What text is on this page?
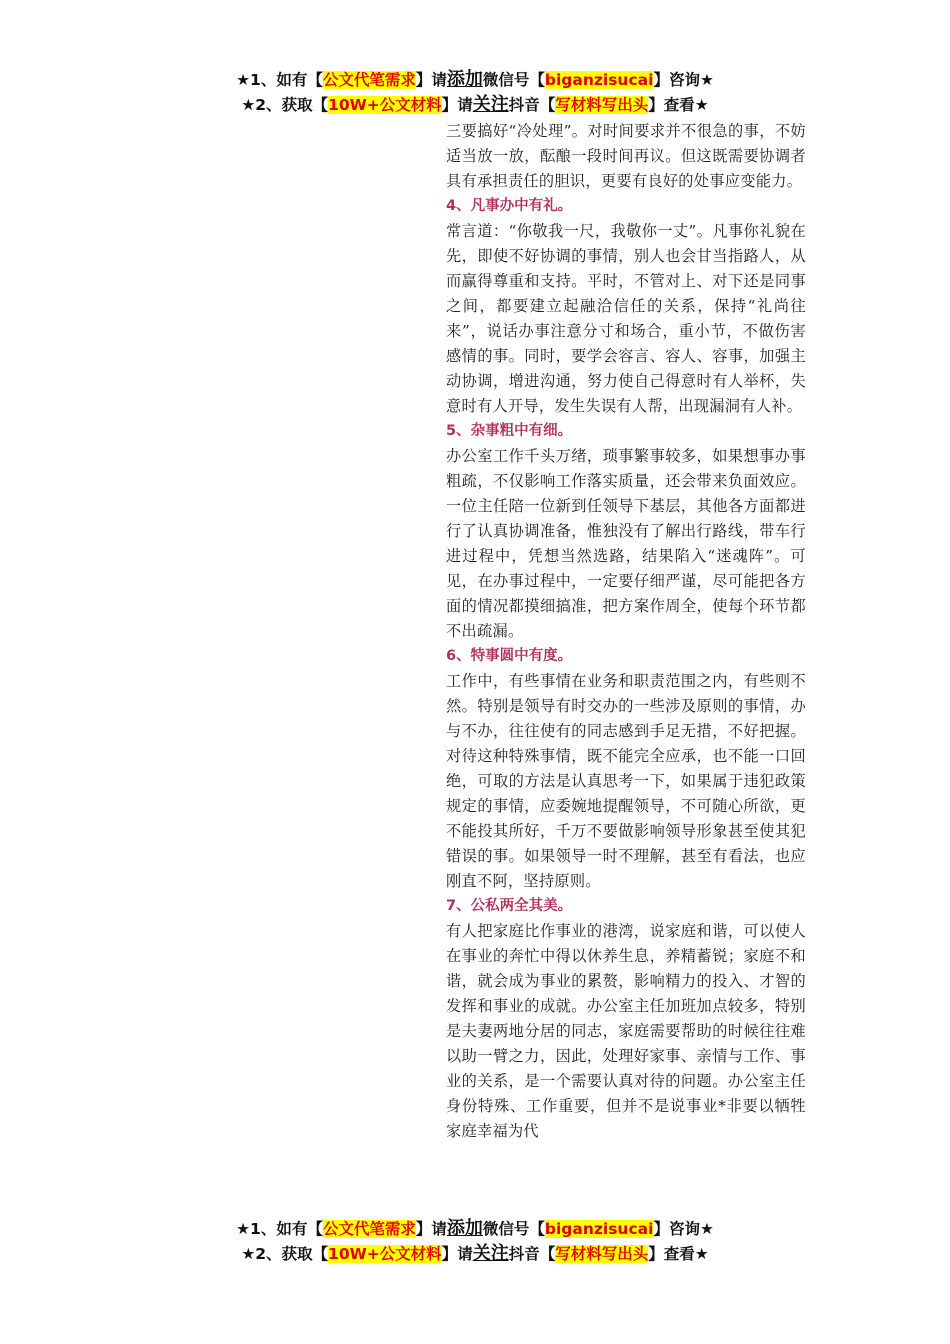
★1、如有【公文代笔需求】请添加微信号【biganzisucai】咨询★
★2、获取【10W+公文材料】请关注抖音【写材料写出头】查看★

三要搞好“冷处理”。对时间要求并不很急的事，不妨适当放一放，酝酿一段时间再议。但这既需要协调者具有承担责任的胆识，更要有良好的处事应变能力。

4、凡事办中有礼。

常言道：“你敬我一尺，我敬你一丈”。凡事你礼貌在先，即使不好协调的事情，别人也会甘当指路人，从而赢得尊重和支持。平时，不管对上、对下还是同事之间，都要建立起融洽信任的关系，保持“礼尚往来”，说话办事注意分寸和场合，重小节，不做伤害感情的事。同时，要学会容言、容人、容事，加强主动协调，增进沟通，努力使自己得意时有人举杯，失意时有人开导，发生失误有人帮，出现漏洞有人补。

5、杂事粗中有细。

办公室工作千头万绪，琐事繁事较多，如果想事办事粗疏，不仅影响工作落实质量，还会带来负面效应。一位主任陪一位新到任领导下基层，其他各方面都进行了认真协调准备，惟独没有了解出行路线，带车行进过程中，凭想当然选路，结果陷入“迷魂阵”。可见，在办事过程中，一定要仔细严谨，尽可能把各方面的情况都摸细搞准，把方案作周全，使每个环节都不出疏漏。

6、特事圆中有度。

工作中，有些事情在业务和职责范围之内，有些则不然。特别是领导有时交办的一些涉及原则的事情，办与不办，往往使有的同志感到手足无措，不好把握。对待这种特殊事情，既不能完全应承，也不能一口回绝，可取的方法是认真思考一下，如果属于违犯政策规定的事情，应委婉地提醒领导，不可随心所欲，更不能投其所好，千万不要做影响领导形象甚至使其犯错误的事。如果领导一时不理解，甚至有看法，也应刚直不阿，坚持原则。

7、公私两全其美。

有人把家庭比作事业的港湾，说家庭和谐，可以使人在事业的奔忙中得以休养生息，养精蓄锐；家庭不和谐，就会成为事业的累赘，影响精力的投入、才智的发挥和事业的成就。办公室主任加班加点较多，特别是夫妻两地分居的同志，家庭需要帮助的时候往往难以助一臂之力，因此，处理好家事、亲情与工作、事业的关系，是一个需要认真对待的问题。办公室主任身份特殊、工作重要，但并不是说事业*非要以牺牲家庭幸福为代

★1、如有【公文代笔需求】请添加微信号【biganzisucai】咨询★
★2、获取【10W+公文材料】请关注抖音【写材料写出头】查看★
